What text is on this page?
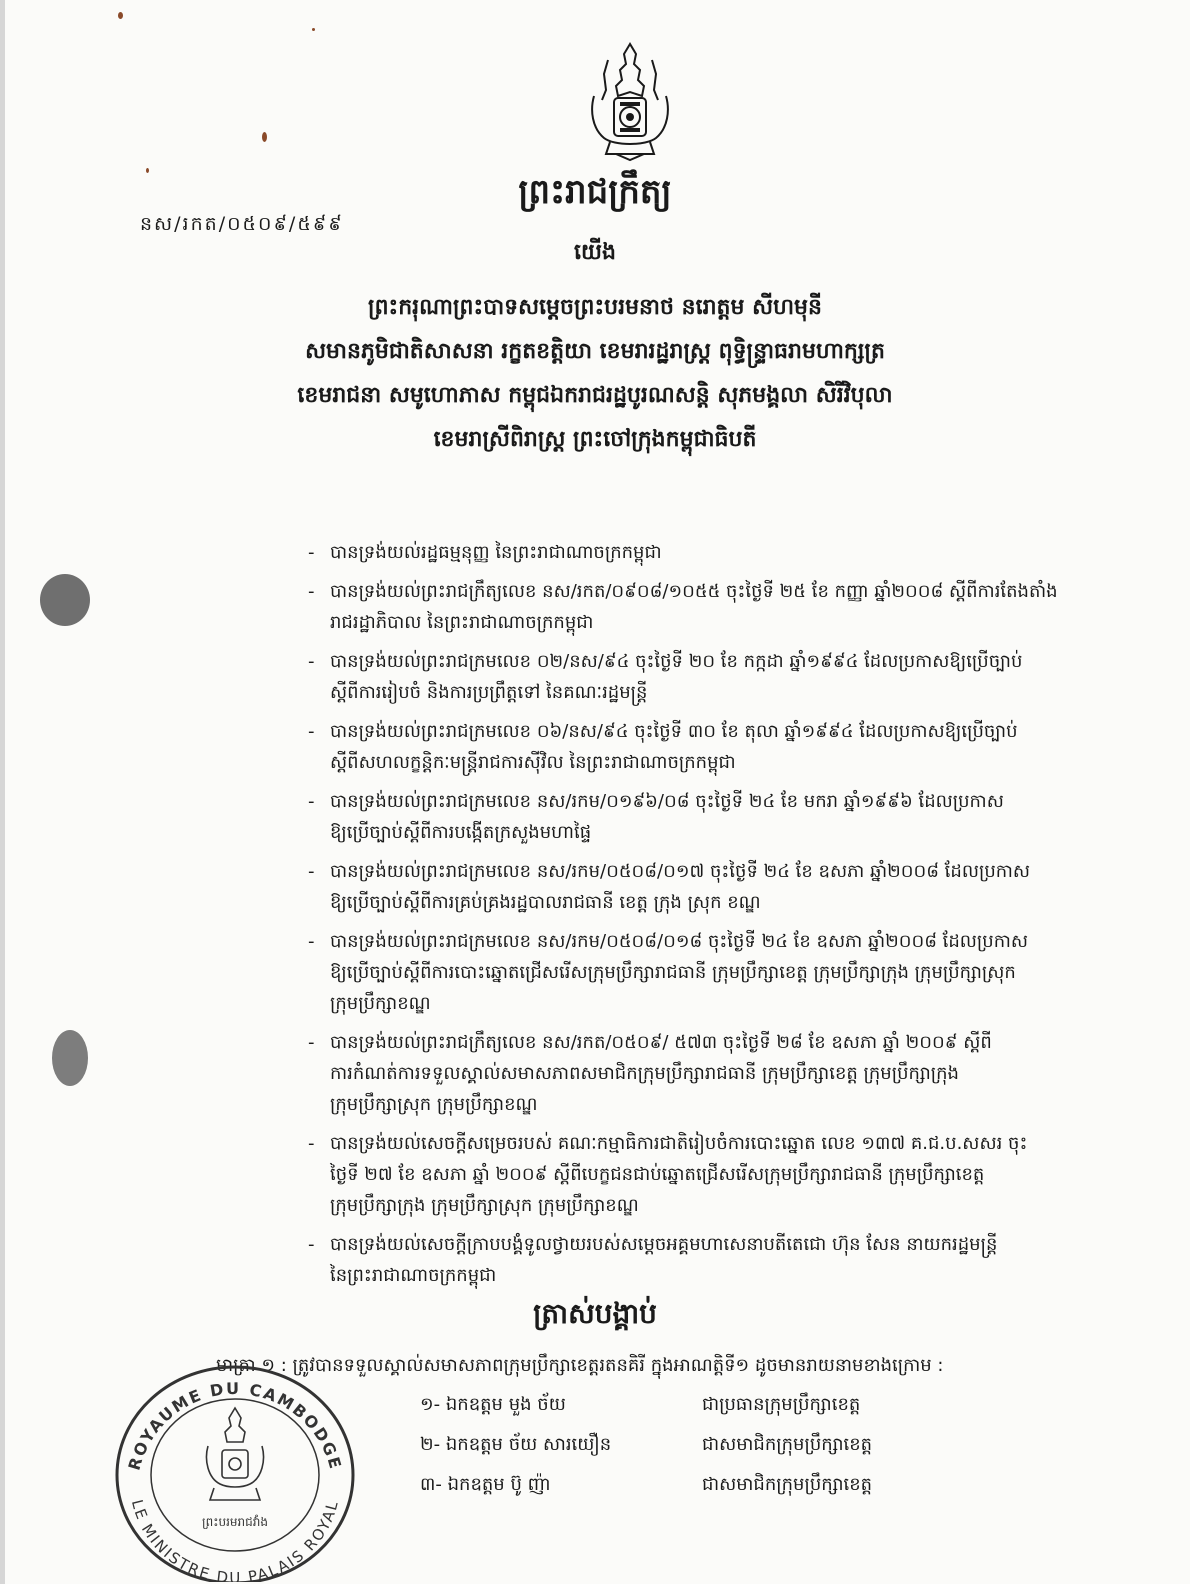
ព្រះរាជក្រឹត្យ
នស/រកត/០៥០៩/៥៩៩
យើង
ព្រះករុណាព្រះបាទសម្តេចព្រះបរមនាថ នរោត្តម សីហមុនី
សមានភូមិជាតិសាសនា រក្ខតខត្តិយា ខេមរារដ្ឋរាស្ត្រ ពុទ្ធិន្ទ្រាធរាមហាក្សត្រ
ខេមរាជនា សមូហោភាស កម្ពុជឯករាជរដ្ឋបូរណសន្តិ សុភមង្គលា សិរីវិបុលា
ខេមរាស្រីពិរាស្ត្រ ព្រះចៅក្រុងកម្ពុជាធិបតី
- បានទ្រង់យល់រដ្ឋធម្មនុញ្ញ នៃព្រះរាជាណាចក្រកម្ពុជា
- បានទ្រង់យល់ព្រះរាជក្រឹត្យលេខ នស/រកត/០៩០៨/១០៥៥ ចុះថ្ងៃទី ២៥ ខែ កញ្ញា ឆ្នាំ២០០៨ ស្តីពីការតែងតាំង
រាជរដ្ឋាភិបាល នៃព្រះរាជាណាចក្រកម្ពុជា
- បានទ្រង់យល់ព្រះរាជក្រមលេខ ០២/នស/៩៤ ចុះថ្ងៃទី ២០ ខែ កក្កដា ឆ្នាំ១៩៩៤ ដែលប្រកាសឱ្យប្រើច្បាប់
ស្តីពីការរៀបចំ និងការប្រព្រឹត្តទៅ នៃគណៈរដ្ឋមន្ត្រី
- បានទ្រង់យល់ព្រះរាជក្រមលេខ ០៦/នស/៩៤ ចុះថ្ងៃទី ៣០ ខែ តុលា ឆ្នាំ១៩៩៤ ដែលប្រកាសឱ្យប្រើច្បាប់
ស្តីពីសហលក្ខន្តិកៈមន្ត្រីរាជការស៊ីវិល នៃព្រះរាជាណាចក្រកម្ពុជា
- បានទ្រង់យល់ព្រះរាជក្រមលេខ នស/រកម/០១៩៦/០៨ ចុះថ្ងៃទី ២៤ ខែ មករា ឆ្នាំ១៩៩៦ ដែលប្រកាស
ឱ្យប្រើច្បាប់ស្តីពីការបង្កើតក្រសួងមហាផ្ទៃ
- បានទ្រង់យល់ព្រះរាជក្រមលេខ នស/រកម/០៥០៨/០១៧ ចុះថ្ងៃទី ២៤ ខែ ឧសភា ឆ្នាំ២០០៨ ដែលប្រកាស
ឱ្យប្រើច្បាប់ស្តីពីការគ្រប់គ្រងរដ្ឋបាលរាជធានី ខេត្ត ក្រុង ស្រុក ខណ្ឌ
- បានទ្រង់យល់ព្រះរាជក្រមលេខ នស/រកម/០៥០៨/០១៨ ចុះថ្ងៃទី ២៤ ខែ ឧសភា ឆ្នាំ២០០៨ ដែលប្រកាស
ឱ្យប្រើច្បាប់ស្តីពីការបោះឆ្នោតជ្រើសរើសក្រុមប្រឹក្សារាជធានី ក្រុមប្រឹក្សាខេត្ត ក្រុមប្រឹក្សាក្រុង ក្រុមប្រឹក្សាស្រុក
ក្រុមប្រឹក្សាខណ្ឌ
- បានទ្រង់យល់ព្រះរាជក្រឹត្យលេខ នស/រកត/០៥០៩/ ៥៧៣ ចុះថ្ងៃទី ២៨ ខែ ឧសភា ឆ្នាំ ២០០៩ ស្តីពី
ការកំណត់ការទទួលស្គាល់សមាសភាពសមាជិកក្រុមប្រឹក្សារាជធានី ក្រុមប្រឹក្សាខេត្ត ក្រុមប្រឹក្សាក្រុង
ក្រុមប្រឹក្សាស្រុក ក្រុមប្រឹក្សាខណ្ឌ
- បានទ្រង់យល់សេចក្តីសម្រេចរបស់ គណៈកម្មាធិការជាតិរៀបចំការបោះឆ្នោត លេខ ១៣៧ គ.ជ.ប.សសរ ចុះ
ថ្ងៃទី ២៧ ខែ ឧសភា ឆ្នាំ ២០០៩ ស្តីពីបេក្ខជនជាប់ឆ្នោតជ្រើសរើសក្រុមប្រឹក្សារាជធានី ក្រុមប្រឹក្សាខេត្ត
ក្រុមប្រឹក្សាក្រុង ក្រុមប្រឹក្សាស្រុក ក្រុមប្រឹក្សាខណ្ឌ
- បានទ្រង់យល់សេចក្តីក្រាបបង្គំទូលថ្វាយរបស់សម្តេចអគ្គមហាសេនាបតីតេជោ ហ៊ុន សែន នាយករដ្ឋមន្ត្រី
នៃព្រះរាជាណាចក្រកម្ពុជា
ត្រាស់បង្គាប់
មាត្រា ១ : ត្រូវបានទទួលស្គាល់សមាសភាពក្រុមប្រឹក្សាខេត្តរតនគិរី ក្នុងអាណត្តិទី១ ដូចមានរាយនាមខាងក្រោម :
១- ឯកឧត្តម មួង ច័យ	ជាប្រធានក្រុមប្រឹក្សាខេត្ត
២- ឯកឧត្តម ច័យ សារយឿន	ជាសមាជិកក្រុមប្រឹក្សាខេត្ត
៣- ឯកឧត្តម ប៊ូ ញ៉ា	ជាសមាជិកក្រុមប្រឹក្សាខេត្ត
ROYAUME DU CAMBODGE
LE MINISTRE DU PALAIS ROYAL
ព្រះបរមរាជវាំង
